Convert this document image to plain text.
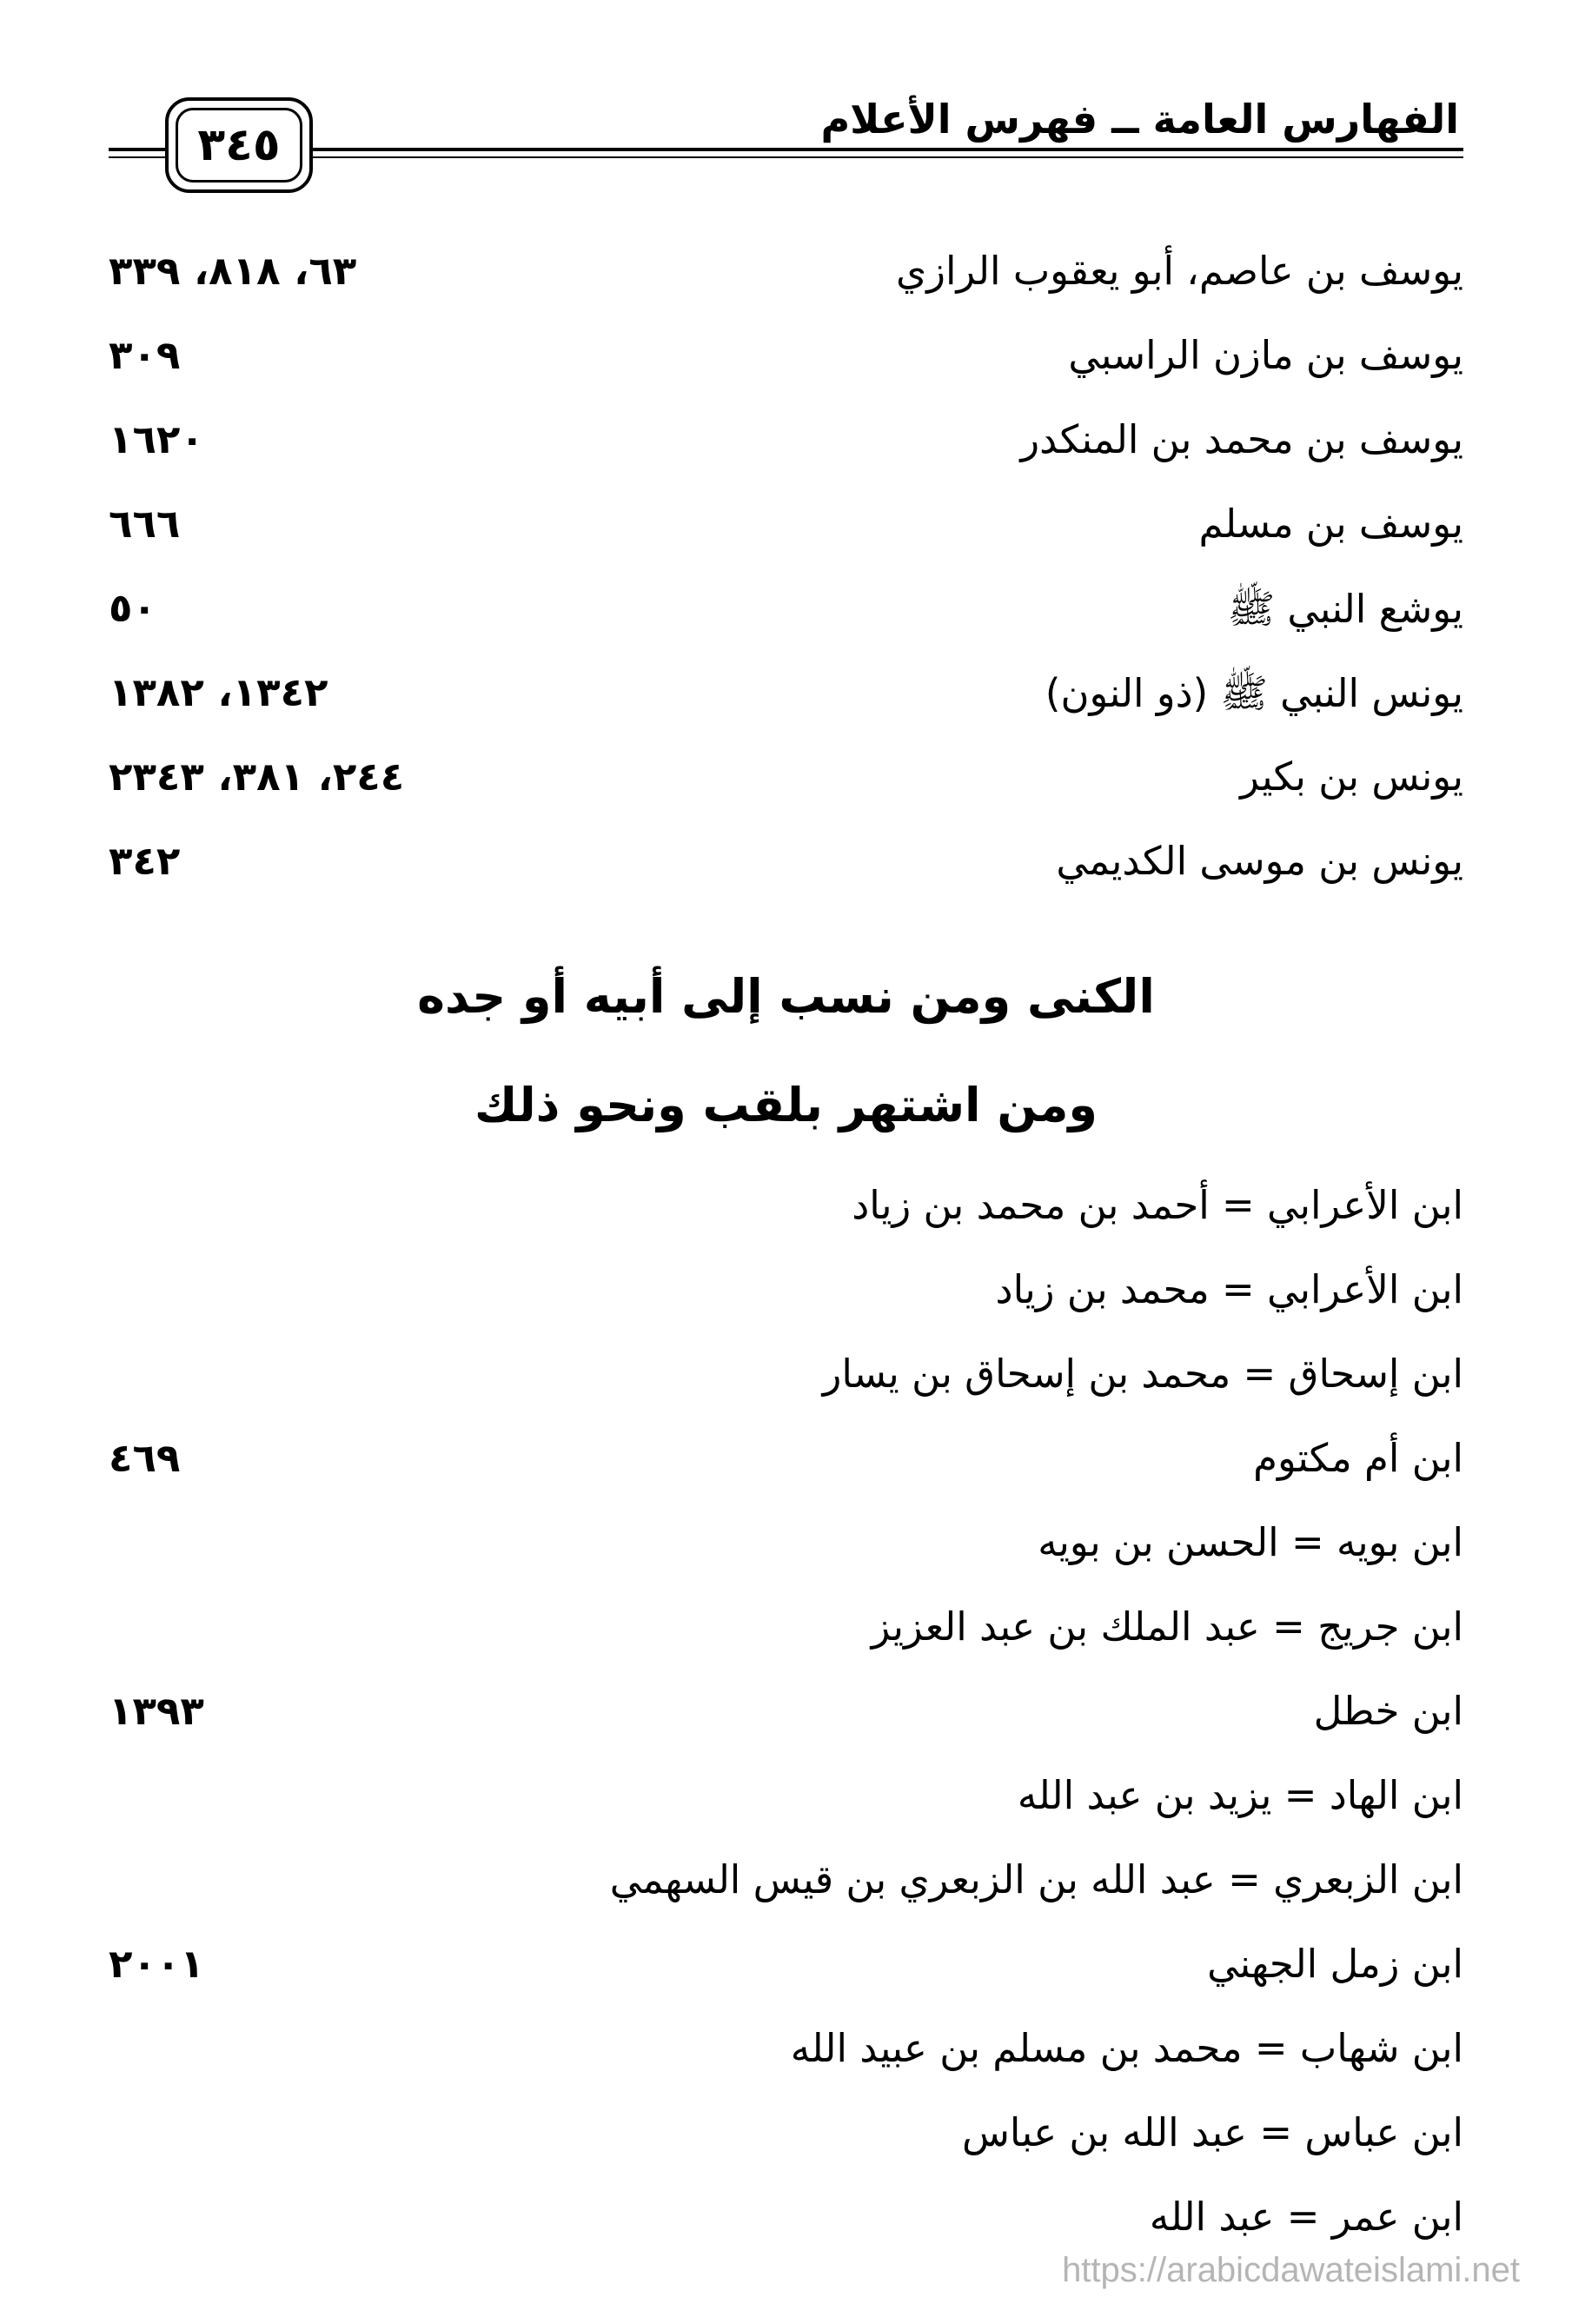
الفهارس العامة ــ فهرس الأعلام
٣٤٥
يوسف بن عاصم، أبو يعقوب الرازي
٦٣، ٨١٨، ٣٣٩
يوسف بن مازن الراسبي
٣٠٩
يوسف بن محمد بن المنكدر
١٦٢٠
يوسف بن مسلم
٦٦٦
يوشع النبي ﷺ
٥٠
يونس النبي ﷺ (ذو النون)
١٣٤٢، ١٣٨٢
يونس بن بكير
٢٤٤، ٣٨١، ٢٣٤٣
يونس بن موسى الكديمي
٣٤٢
الكنى ومن نسب إلى أبيه أو جده
ومن اشتهر بلقب ونحو ذلك
ابن الأعرابي = أحمد بن محمد بن زياد
ابن الأعرابي = محمد بن زياد
ابن إسحاق = محمد بن إسحاق بن يسار
ابن أم مكتوم
٤٦٩
ابن بويه = الحسن بن بويه
ابن جريج = عبد الملك بن عبد العزيز
ابن خطل
١٣٩٣
ابن الهاد = يزيد بن عبد الله
ابن الزبعري = عبد الله بن الزبعري بن قيس السهمي
ابن زمل الجهني
٢٠٠١
ابن شهاب = محمد بن مسلم بن عبيد الله
ابن عباس = عبد الله بن عباس
ابن عمر = عبد الله
https://arabicdawateislami.net
